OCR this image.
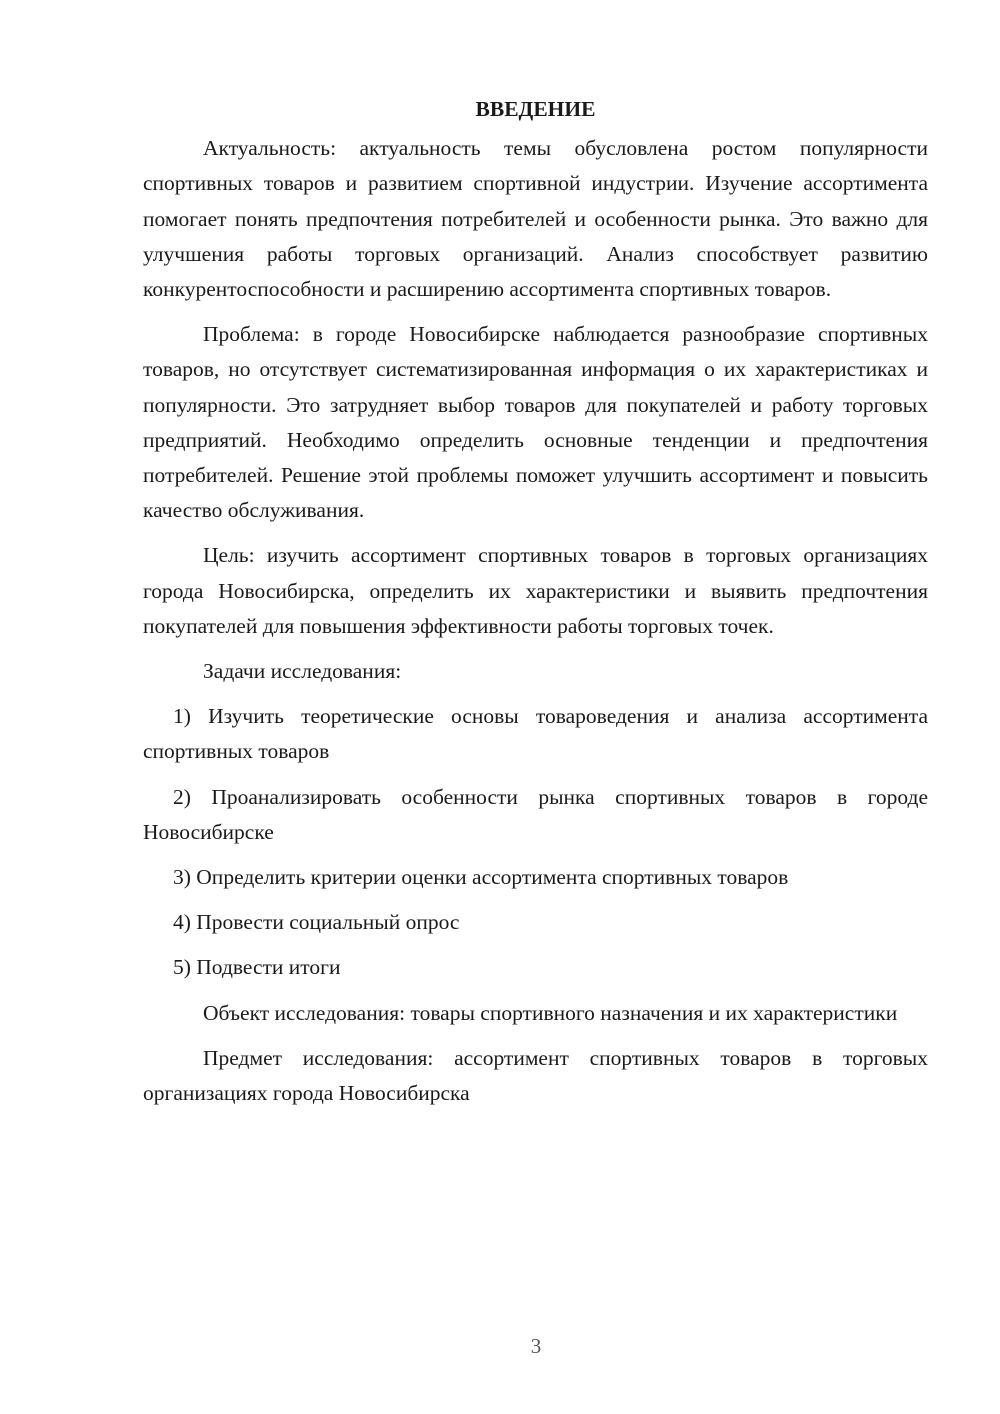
ВВЕДЕНИЕ

Актуальность: актуальность темы обусловлена ростом популярности спортивных товаров и развитием спортивной индустрии. Изучение ассортимента помогает понять предпочтения потребителей и особенности рынка. Это важно для улучшения работы торговых организаций. Анализ способствует развитию конкурентоспособности и расширению ассортимента спортивных товаров.

Проблема: в городе Новосибирске наблюдается разнообразие спортивных товаров, но отсутствует систематизированная информация о их характеристиках и популярности. Это затрудняет выбор товаров для покупателей и работу торговых предприятий. Необходимо определить основные тенденции и предпочтения потребителей. Решение этой проблемы поможет улучшить ассортимент и повысить качество обслуживания.

Цель: изучить ассортимент спортивных товаров в торговых организациях города Новосибирска, определить их характеристики и выявить предпочтения покупателей для повышения эффективности работы торговых точек.

Задачи исследования:

1) Изучить теоретические основы товароведения и анализа ассортимента спортивных товаров

2) Проанализировать особенности рынка спортивных товаров в городе Новосибирске

3) Определить критерии оценки ассортимента спортивных товаров

4) Провести социальный опрос

5) Подвести итоги

Объект исследования: товары спортивного назначения и их характеристики

Предмет исследования: ассортимент спортивных товаров в торговых организациях города Новосибирска

3
